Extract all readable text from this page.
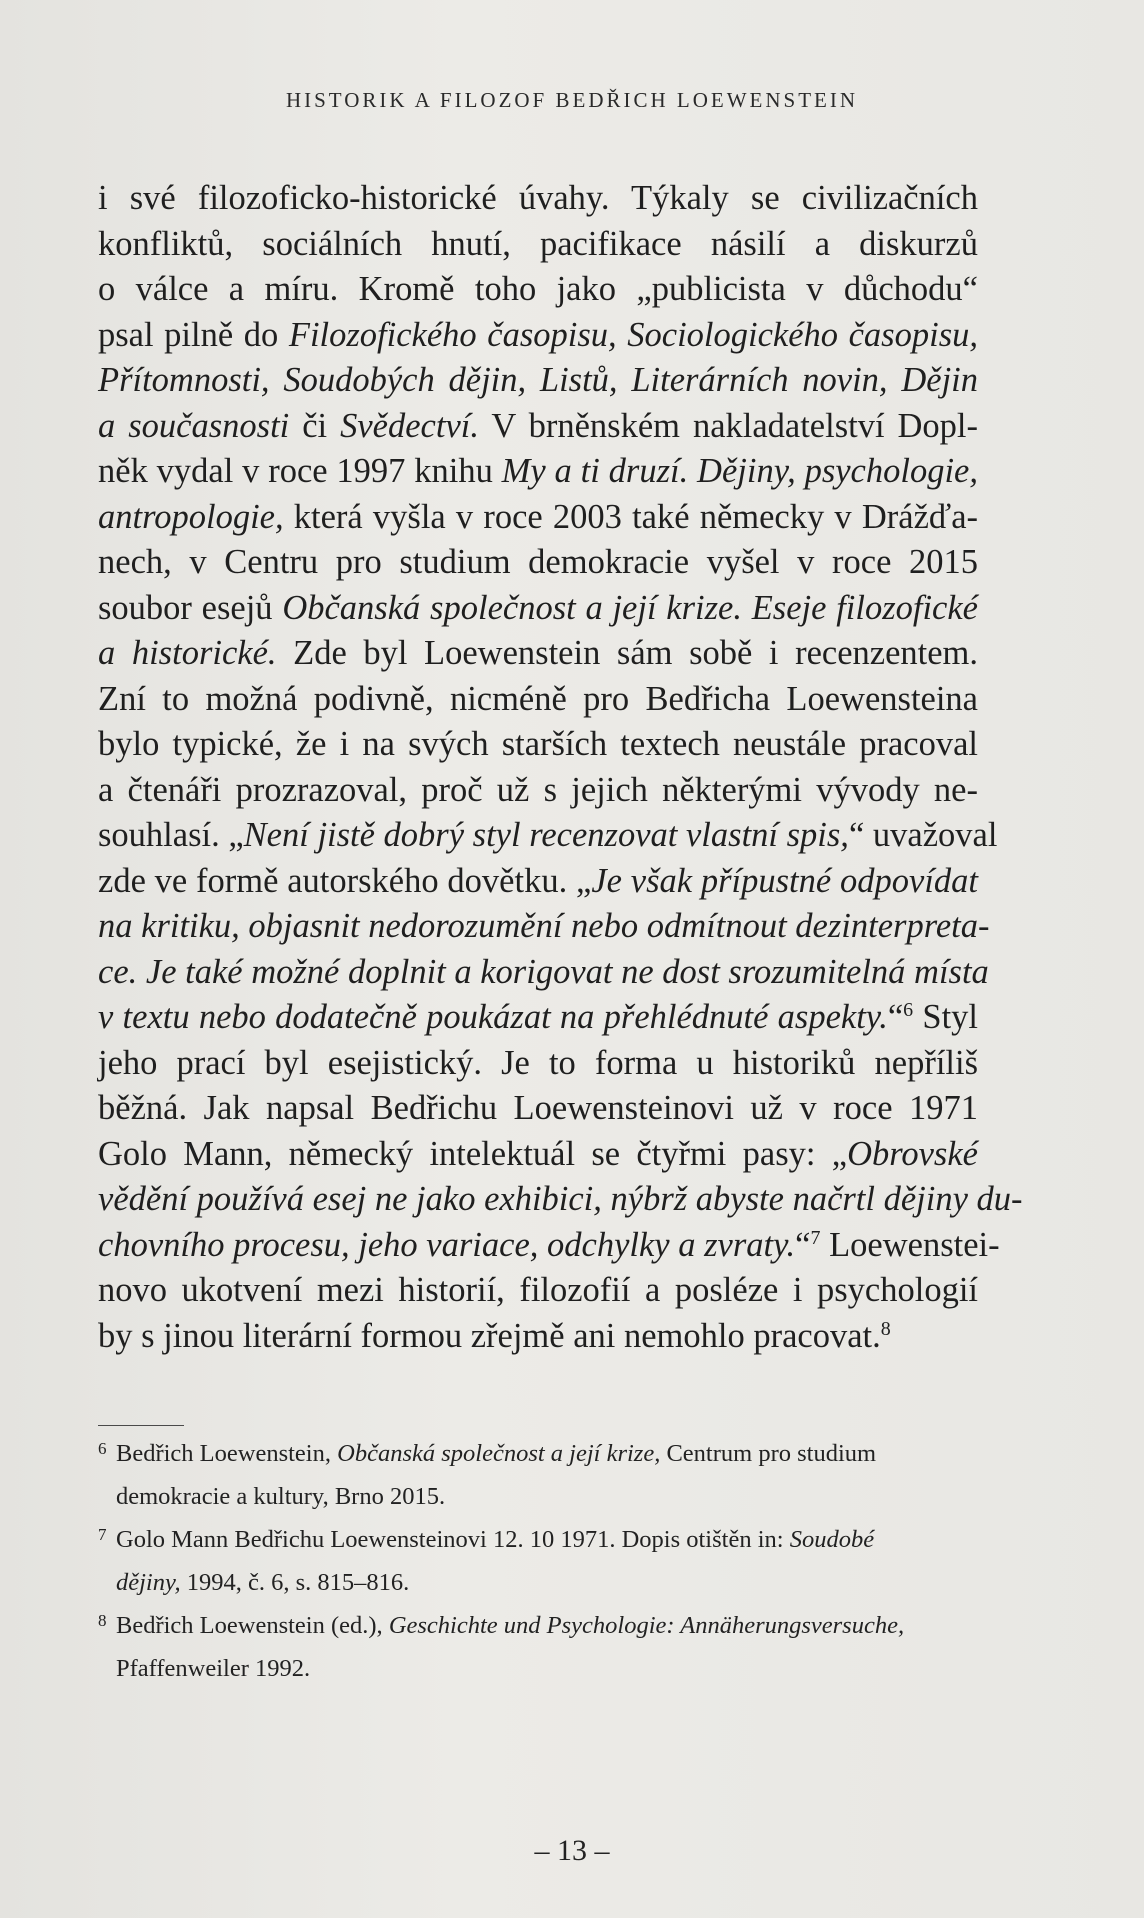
HISTORIK A FILOZOF BEDŘICH LOEWENSTEIN
i své filozoficko-historické úvahy. Týkaly se civilizačních
konfliktů, sociálních hnutí, pacifikace násilí a diskurzů
o válce a míru. Kromě toho jako „publicista v důchodu“
psal pilně do Filozofického časopisu, Sociologického časopisu,
Přítomnosti, Soudobých dějin, Listů, Literárních novin, Dějin
a současnosti či Svědectví. V brněnském nakladatelství Dopl-
něk vydal v roce 1997 knihu My a ti druzí. Dějiny, psychologie,
antropologie, která vyšla v roce 2003 také německy v Drážďa-
nech, v Centru pro studium demokracie vyšel v roce 2015
soubor esejů Občanská společnost a její krize. Eseje filozofické
a historické. Zde byl Loewenstein sám sobě i recenzentem.
Zní to možná podivně, nicméně pro Bedřicha Loewensteina
bylo typické, že i na svých starších textech neustále pracoval
a čtenáři prozrazoval, proč už s jejich některými vývody ne-
souhlasí. „Není jistě dobrý styl recenzovat vlastní spis,“ uvažoval
zde ve formě autorského dovětku. „Je však přípustné odpovídat
na kritiku, objasnit nedorozumění nebo odmítnout dezinterpreta-
ce. Je také možné doplnit a korigovat ne dost srozumitelná místa
v textu nebo dodatečně poukázat na přehlédnuté aspekty.“$^6$ Styl
jeho prací byl esejistický. Je to forma u historiků nepříliš
běžná. Jak napsal Bedřichu Loewensteinovi už v roce 1971
Golo Mann, německý intelektuál se čtyřmi pasy: „Obrovské
vědění používá esej ne jako exhibici, nýbrž abyste načrtl dějiny du-
chovního procesu, jeho variace, odchylky a zvraty.“$^7$ Loewenstei-
novo ukotvení mezi historií, filozofií a posléze i psychologií
by s jinou literární formou zřejmě ani nemohlo pracovat.$^8$
6 Bedřich Loewenstein, Občanská společnost a její krize, Centrum pro studium
demokracie a kultury, Brno 2015.
7 Golo Mann Bedřichu Loewensteinovi 12. 10 1971. Dopis otištěn in: Soudobé
dějiny, 1994, č. 6, s. 815–816.
8 Bedřich Loewenstein (ed.), Geschichte und Psychologie: Annäherungsversuche,
Pfaffenweiler 1992.
– 13 –
